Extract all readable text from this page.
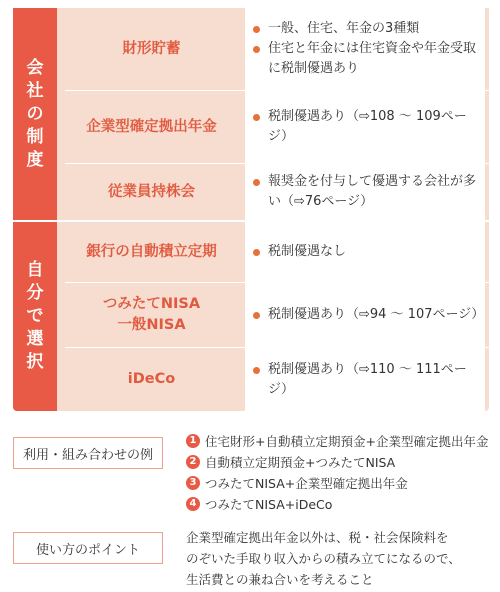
会
社
の
制
度
自
分
で
選
択
財形貯蓄
一般、住宅、年金の3種類
住宅と年金には住宅資金や年金受取に税制優遇あり
企業型確定拠出年金
税制優遇あり（⇨108 ～ 109ページ）
従業員持株会
報奨金を付与して優遇する会社が多い（⇨76ページ）
銀行の自動積立定期	税制優遇なし
つみたてNISA
一般NISA
税制優遇あり（⇨94 ～ 107ページ）
iDeCo
税制優遇あり（⇨110 ～ 111ページ）
利用・組み合わせの例
1 住宅財形+自動積立定期預金+企業型確定拠出年金
2 自動積立定期預金+つみたてNISA
3 つみたてNISA+企業型確定拠出年金
4 つみたてNISA+iDeCo
使い方のポイント
企業型確定拠出年金以外は、税・社会保険料を
のぞいた手取り収入からの積み立てになるので、
生活費との兼ね合いを考えること
